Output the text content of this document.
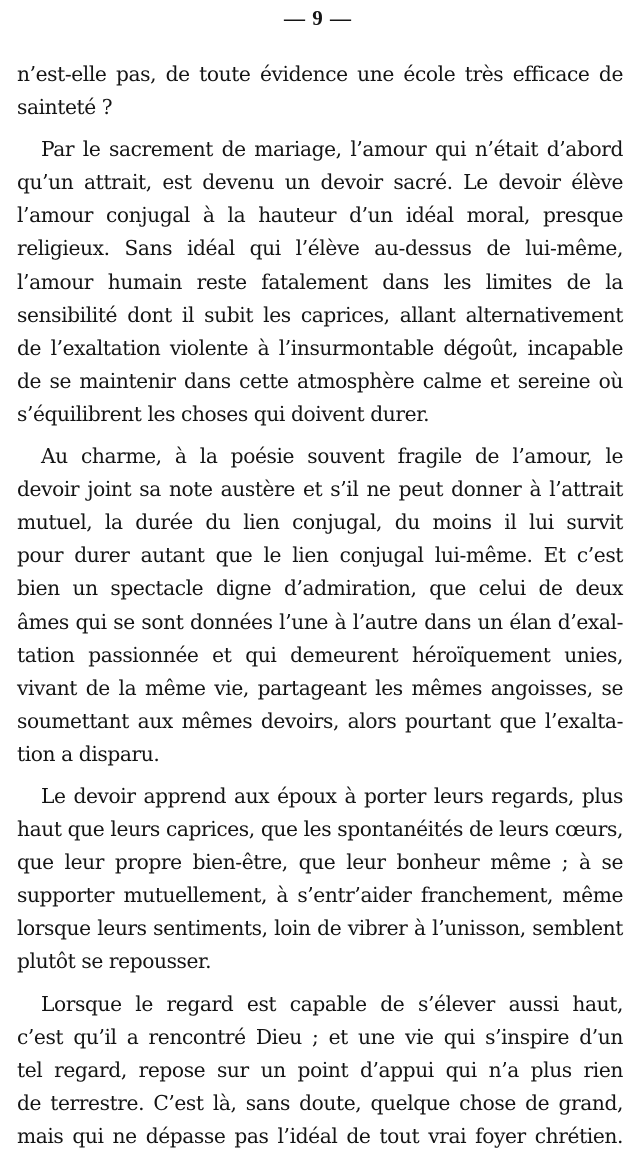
— 9 —
n’est-elle pas, de toute évidence une école très efficace de
sainteté ?
Par le sacrement de mariage, l’amour qui n’était d’abord
qu’un attrait, est devenu un devoir sacré. Le devoir élève
l’amour conjugal à la hauteur d’un idéal moral, presque
religieux. Sans idéal qui l’élève au-dessus de lui-même,
l’amour humain reste fatalement dans les limites de la
sensibilité dont il subit les caprices, allant alternativement
de l’exaltation violente à l’insurmontable dégoût, incapable
de se maintenir dans cette atmosphère calme et sereine où
s’équilibrent les choses qui doivent durer.
Au charme, à la poésie souvent fragile de l’amour, le
devoir joint sa note austère et s’il ne peut donner à l’attrait
mutuel, la durée du lien conjugal, du moins il lui survit
pour durer autant que le lien conjugal lui-même. Et c’est
bien un spectacle digne d’admiration, que celui de deux
âmes qui se sont données l’une à l’autre dans un élan d’exal-
tation passionnée et qui demeurent héroïquement unies,
vivant de la même vie, partageant les mêmes angoisses, se
soumettant aux mêmes devoirs, alors pourtant que l’exalta-
tion a disparu.
Le devoir apprend aux époux à porter leurs regards, plus
haut que leurs caprices, que les spontanéités de leurs cœurs,
que leur propre bien-être, que leur bonheur même ; à se
supporter mutuellement, à s’entr’aider franchement, même
lorsque leurs sentiments, loin de vibrer à l’unisson, semblent
plutôt se repousser.
Lorsque le regard est capable de s’élever aussi haut,
c’est qu’il a rencontré Dieu ; et une vie qui s’inspire d’un
tel regard, repose sur un point d’appui qui n’a plus rien
de terrestre. C’est là, sans doute, quelque chose de grand,
mais qui ne dépasse pas l’idéal de tout vrai foyer chrétien.
